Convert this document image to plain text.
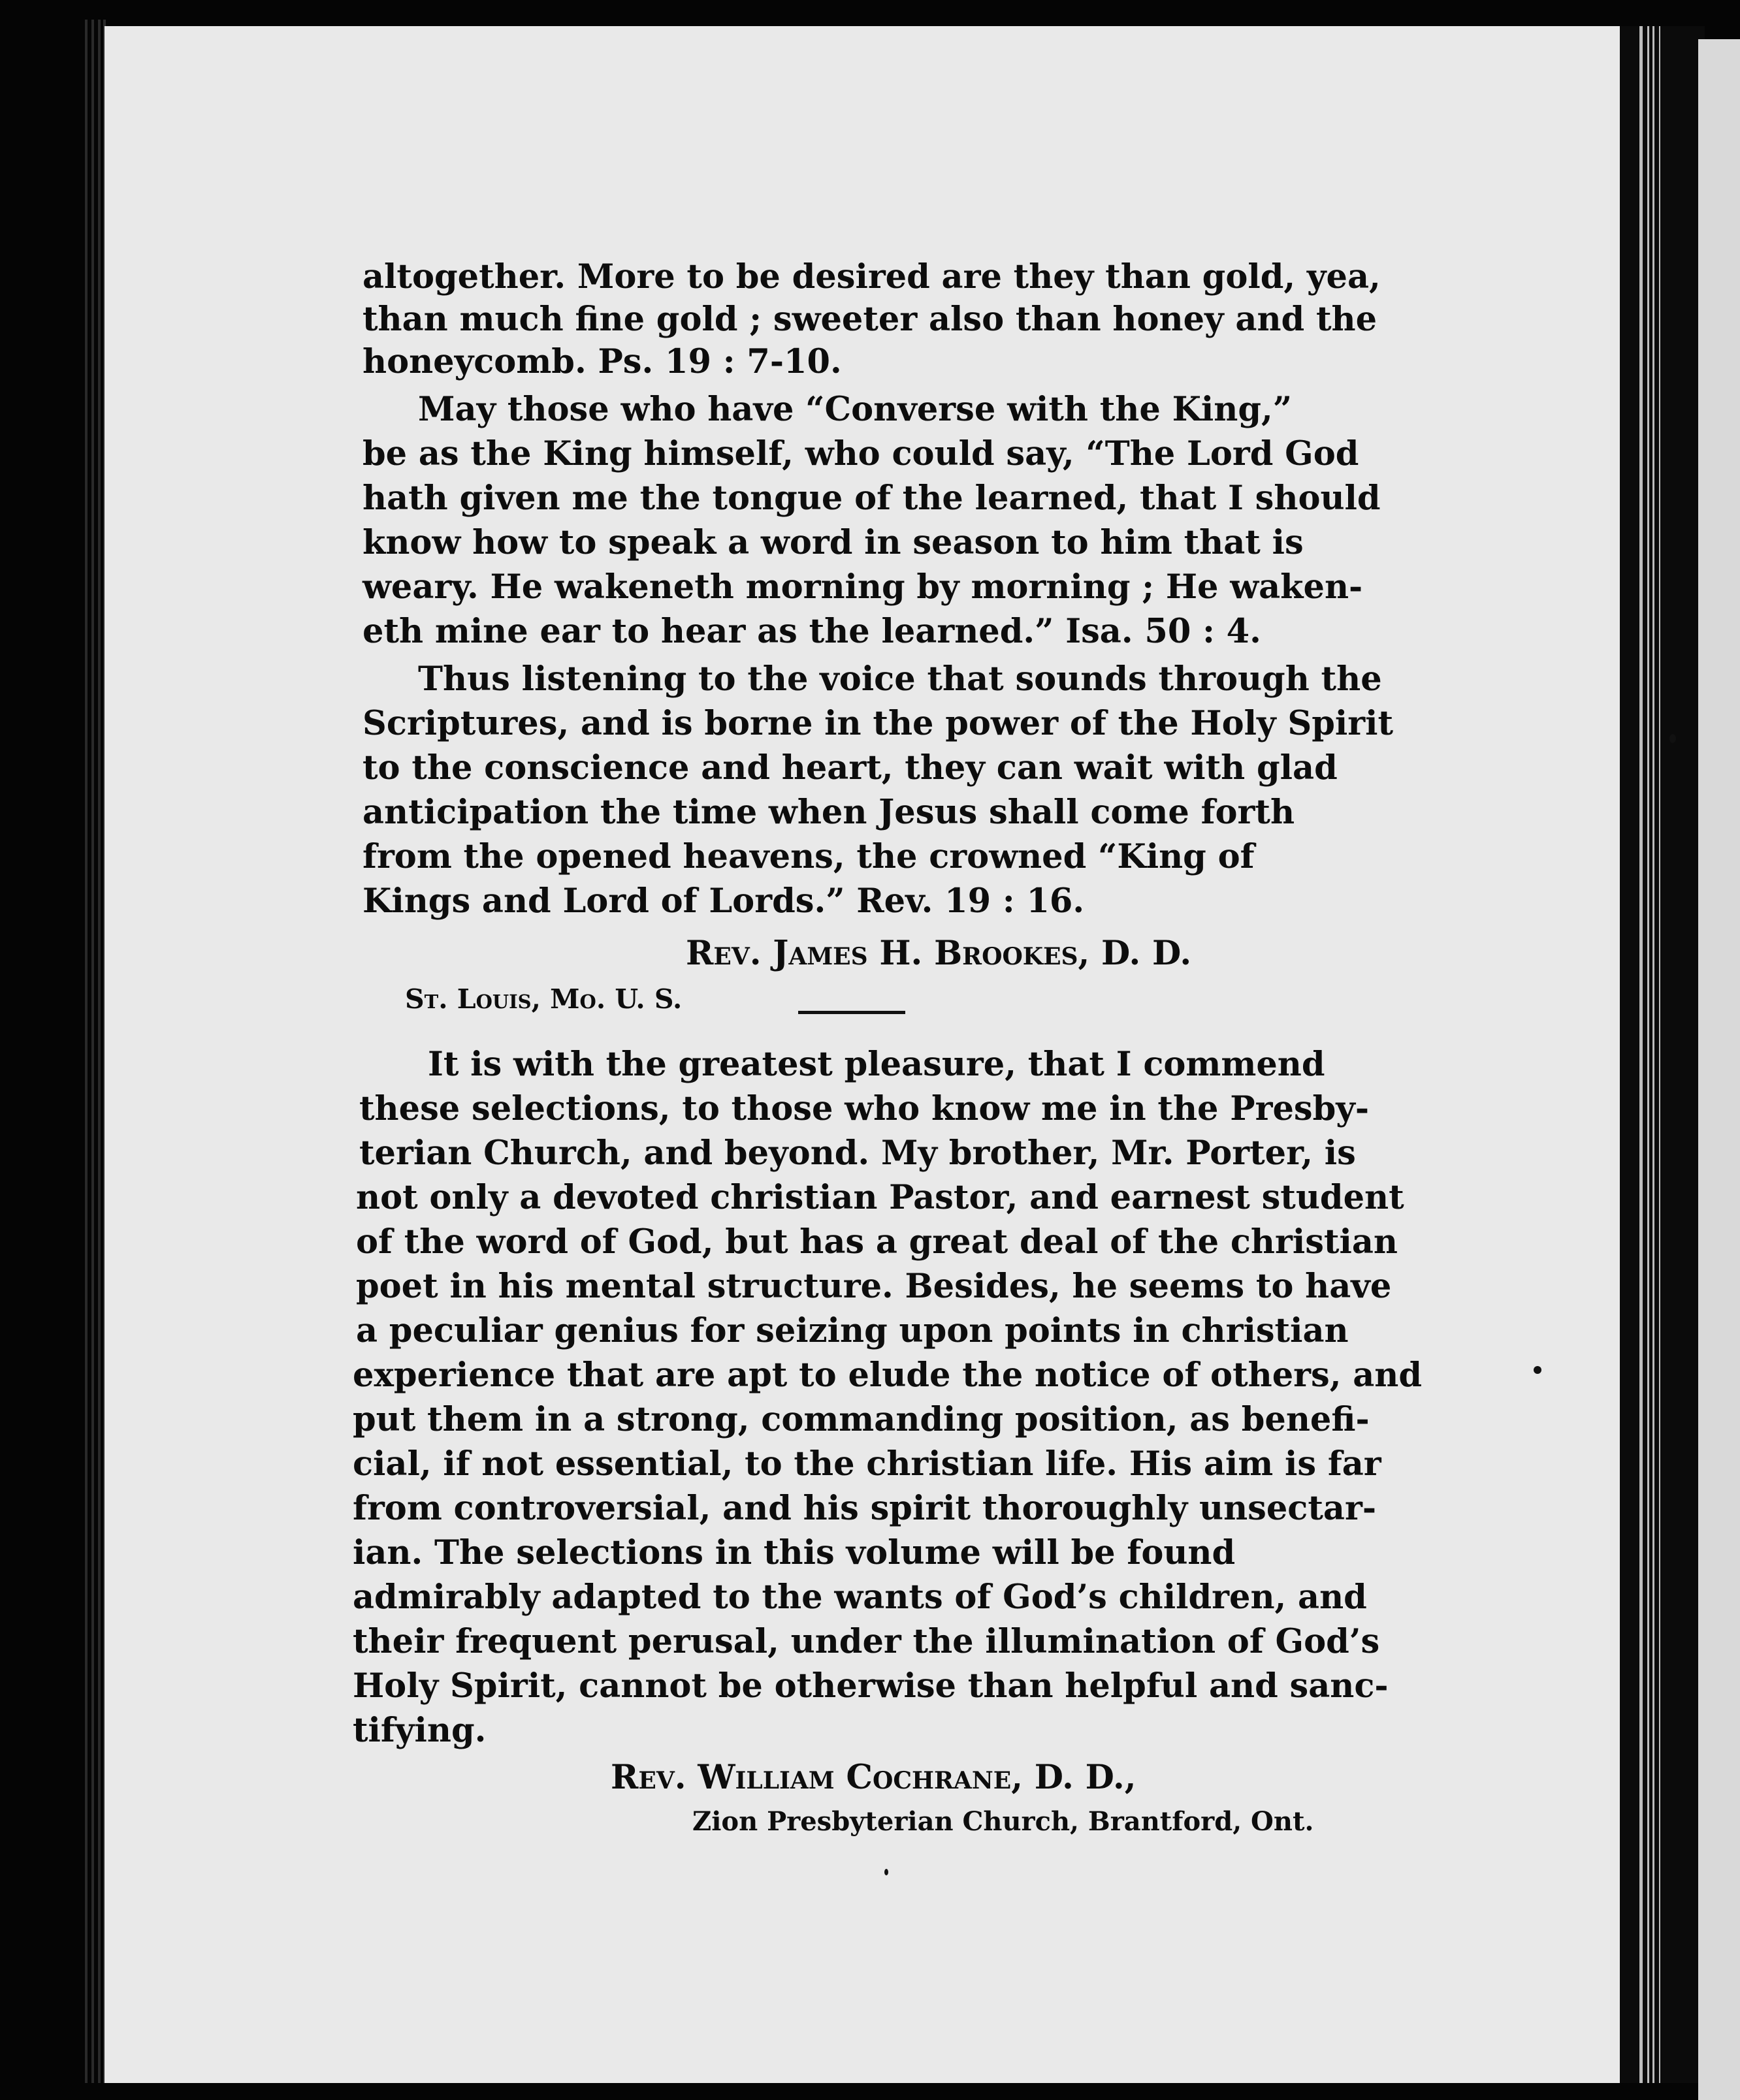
altogether. More to be desired are they than gold, yea,
than much fine gold ; sweeter also than honey and the
honeycomb. Ps. 19 : 7-10.
May those who have “Converse with the King,”
be as the King himself, who could say, “The Lord God
hath given me the tongue of the learned, that I should
know how to speak a word in season to him that is
weary. He wakeneth morning by morning ; He waken-
eth mine ear to hear as the learned.” Isa. 50 : 4.
Thus listening to the voice that sounds through the
Scriptures, and is borne in the power of the Holy Spirit
to the conscience and heart, they can wait with glad
anticipation the time when Jesus shall come forth
from the opened heavens, the crowned “King of
Kings and Lord of Lords.” Rev. 19 : 16.
Rev. James H. Brookes, D. D.
St. Louis, Mo. U. S.
It is with the greatest pleasure, that I commend
these selections, to those who know me in the Presby-
terian Church, and beyond. My brother, Mr. Porter, is
not only a devoted christian Pastor, and earnest student
of the word of God, but has a great deal of the christian
poet in his mental structure. Besides, he seems to have
a peculiar genius for seizing upon points in christian
experience that are apt to elude the notice of others, and
put them in a strong, commanding position, as benefi-
cial, if not essential, to the christian life. His aim is far
from controversial, and his spirit thoroughly unsectar-
ian. The selections in this volume will be found
admirably adapted to the wants of God’s children, and
their frequent perusal, under the illumination of God’s
Holy Spirit, cannot be otherwise than helpful and sanc-
tifying.
Rev. William Cochrane, D. D.,
Zion Presbyterian Church, Brantford, Ont.
